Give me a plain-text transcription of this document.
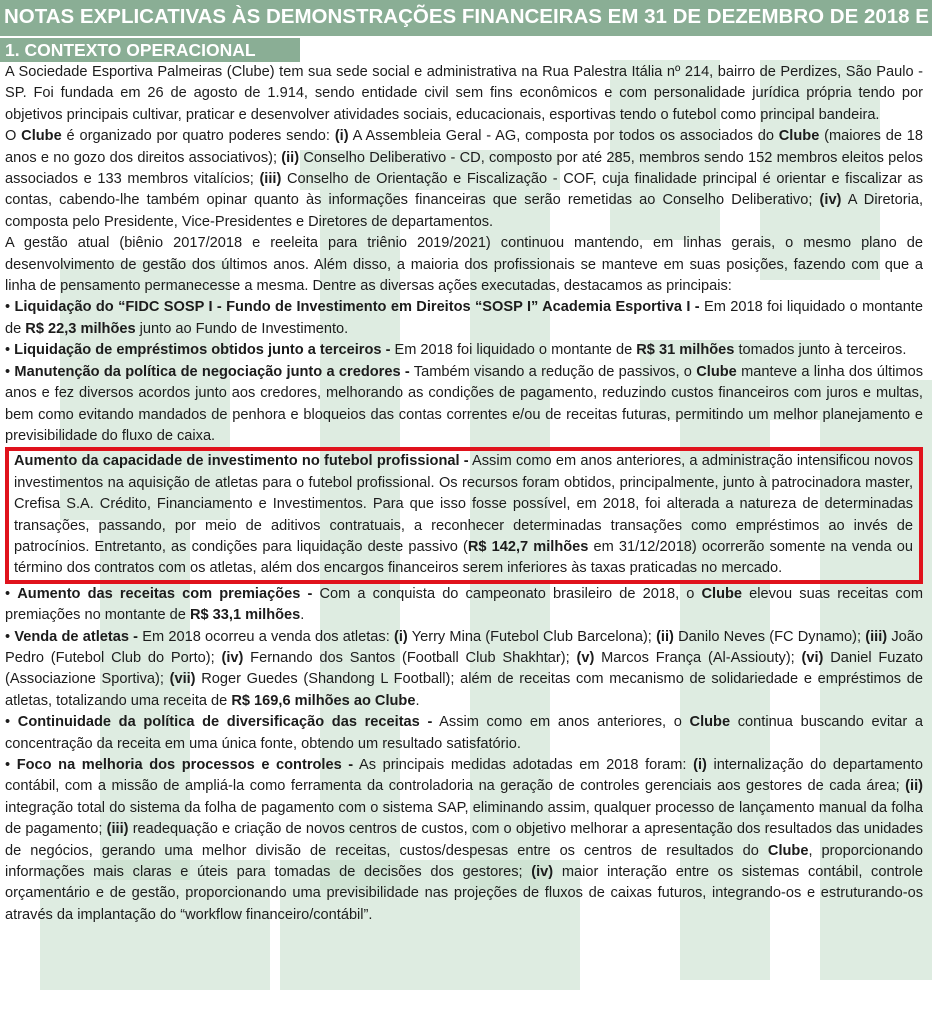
NOTAS EXPLICATIVAS ÀS DEMONSTRAÇÕES FINANCEIRAS EM 31 DE DEZEMBRO DE 2018 E
1. CONTEXTO OPERACIONAL

A Sociedade Esportiva Palmeiras (Clube) tem sua sede social e administrativa na Rua Palestra Itália nº 214, bairro de Perdizes, São Paulo - SP. Foi fundada em 26 de agosto de 1.914, sendo entidade civil sem fins econômicos e com personalidade jurídica própria tendo por objetivos principais cultivar, praticar e desenvolver atividades sociais, educacionais, esportivas tendo o futebol como principal bandeira.

O Clube é organizado por quatro poderes sendo: (i) A Assembleia Geral - AG, composta por todos os associados do Clube (maiores de 18 anos e no gozo dos direitos associativos); (ii) Conselho Deliberativo - CD, composto por até 285, membros sendo 152 membros eleitos pelos associados e 133 membros vitalícios; (iii) Conselho de Orientação e Fiscalização - COF, cuja finalidade principal é orientar e fiscalizar as contas, cabendo-lhe também opinar quanto às informações financeiras que serão remetidas ao Conselho Deliberativo; (iv) A Diretoria, composta pelo Presidente, Vice-Presidentes e Diretores de departamentos.

A gestão atual (biênio 2017/2018 e reeleita para triênio 2019/2021) continuou mantendo, em linhas gerais, o mesmo plano de desenvolvimento de gestão dos últimos anos. Além disso, a maioria dos profissionais se manteve em suas posições, fazendo com que a linha de pensamento permanecesse a mesma. Dentre as diversas ações executadas, destacamos as principais:

• Liquidação do “FIDC SOSP I - Fundo de Investimento em Direitos “SOSP I” Academia Esportiva I - Em 2018 foi liquidado o montante de R$ 22,3 milhões junto ao Fundo de Investimento.

• Liquidação de empréstimos obtidos junto a terceiros - Em 2018 foi liquidado o montante de R$ 31 milhões tomados junto à terceiros.

• Manutenção da política de negociação junto a credores - Também visando a redução de passivos, o Clube manteve a linha dos últimos anos e fez diversos acordos junto aos credores, melhorando as condições de pagamento, reduzindo custos financeiros com juros e multas, bem como evitando mandados de penhora e bloqueios das contas correntes e/ou de receitas futuras, permitindo um melhor planejamento e previsibilidade do fluxo de caixa.

Aumento da capacidade de investimento no futebol profissional - Assim como em anos anteriores, a administração intensificou novos investimentos na aquisição de atletas para o futebol profissional. Os recursos foram obtidos, principalmente, junto à patrocinadora master, Crefisa S.A. Crédito, Financiamento e Investimentos. Para que isso fosse possível, em 2018, foi alterada a natureza de determinadas transações, passando, por meio de aditivos contratuais, a reconhecer determinadas transações como empréstimos ao invés de patrocínios. Entretanto, as condições para liquidação deste passivo (R$ 142,7 milhões em 31/12/2018) ocorrerão somente na venda ou término dos contratos com os atletas, além dos encargos financeiros serem inferiores às taxas praticadas no mercado.

• Aumento das receitas com premiações - Com a conquista do campeonato brasileiro de 2018, o Clube elevou suas receitas com premiações no montante de R$ 33,1 milhões.

• Venda de atletas - Em 2018 ocorreu a venda dos atletas: (i) Yerry Mina (Futebol Club Barcelona); (ii) Danilo Neves (FC Dynamo); (iii) João Pedro (Futebol Club do Porto); (iv) Fernando dos Santos (Football Club Shakhtar); (v) Marcos França (Al-Assiouty); (vi) Daniel Fuzato (Associazione Sportiva); (vii) Roger Guedes (Shandong L Football); além de receitas com mecanismo de solidariedade e empréstimos de atletas, totalizando uma receita de R$ 169,6 milhões ao Clube.

• Continuidade da política de diversificação das receitas - Assim como em anos anteriores, o Clube continua buscando evitar a concentração da receita em uma única fonte, obtendo um resultado satisfatório.

• Foco na melhoria dos processos e controles - As principais medidas adotadas em 2018 foram: (i) internalização do departamento contábil, com a missão de ampliá-la como ferramenta da controladoria na geração de controles gerenciais aos gestores de cada área; (ii) integração total do sistema da folha de pagamento com o sistema SAP, eliminando assim, qualquer processo de lançamento manual da folha de pagamento; (iii) readequação e criação de novos centros de custos, com o objetivo melhorar a apresentação dos resultados das unidades de negócios, gerando uma melhor divisão de receitas, custos/despesas entre os centros de resultados do Clube, proporcionando informações mais claras e úteis para tomadas de decisões dos gestores; (iv) maior interação entre os sistemas contábil, controle orçamentário e de gestão, proporcionando uma previsibilidade nas projeções de fluxos de caixas futuros, integrando-os e estruturando-os através da implantação do “workflow financeiro/contábil”.
